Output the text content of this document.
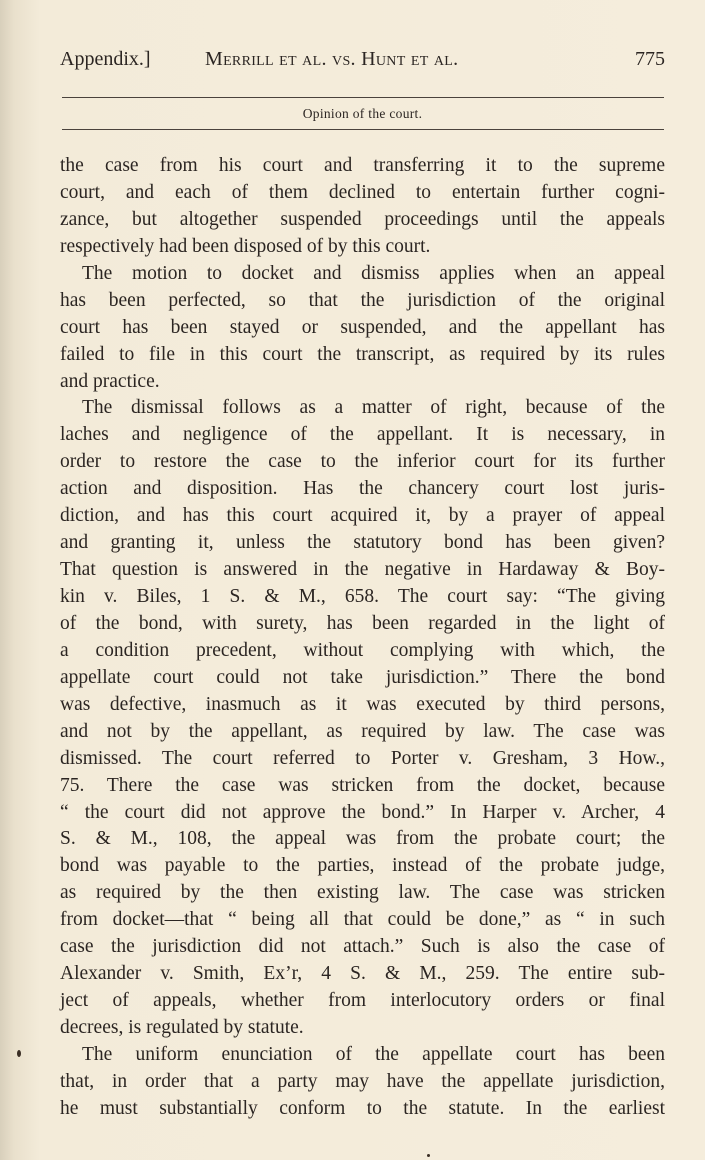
Appendix.]	Merrill et al. vs. Hunt et al.	775
Opinion of the court.
the case from his court and transferring it to the supreme
court, and each of them declined to entertain further cogni-
zance, but altogether suspended proceedings until the appeals
respectively had been disposed of by this court.
The motion to docket and dismiss applies when an appeal
has been perfected, so that the jurisdiction of the original
court has been stayed or suspended, and the appellant has
failed to file in this court the transcript, as required by its rules
and practice.
The dismissal follows as a matter of right, because of the
laches and negligence of the appellant. It is necessary, in
order to restore the case to the inferior court for its further
action and disposition. Has the chancery court lost juris-
diction, and has this court acquired it, by a prayer of appeal
and granting it, unless the statutory bond has been given?
That question is answered in the negative in Hardaway & Boy-
kin v. Biles, 1 S. & M., 658. The court say: “The giving
of the bond, with surety, has been regarded in the light of
a condition precedent, without complying with which, the
appellate court could not take jurisdiction.” There the bond
was defective, inasmuch as it was executed by third persons,
and not by the appellant, as required by law. The case was
dismissed. The court referred to Porter v. Gresham, 3 How.,
75. There the case was stricken from the docket, because
“ the court did not approve the bond.” In Harper v. Archer, 4
S. & M., 108, the appeal was from the probate court; the
bond was payable to the parties, instead of the probate judge,
as required by the then existing law. The case was stricken
from docket—that “ being all that could be done,” as “ in such
case the jurisdiction did not attach.” Such is also the case of
Alexander v. Smith, Ex’r, 4 S. & M., 259. The entire sub-
ject of appeals, whether from interlocutory orders or final
decrees, is regulated by statute.
The uniform enunciation of the appellate court has been
that, in order that a party may have the appellate jurisdiction,
he must substantially conform to the statute. In the earliest
